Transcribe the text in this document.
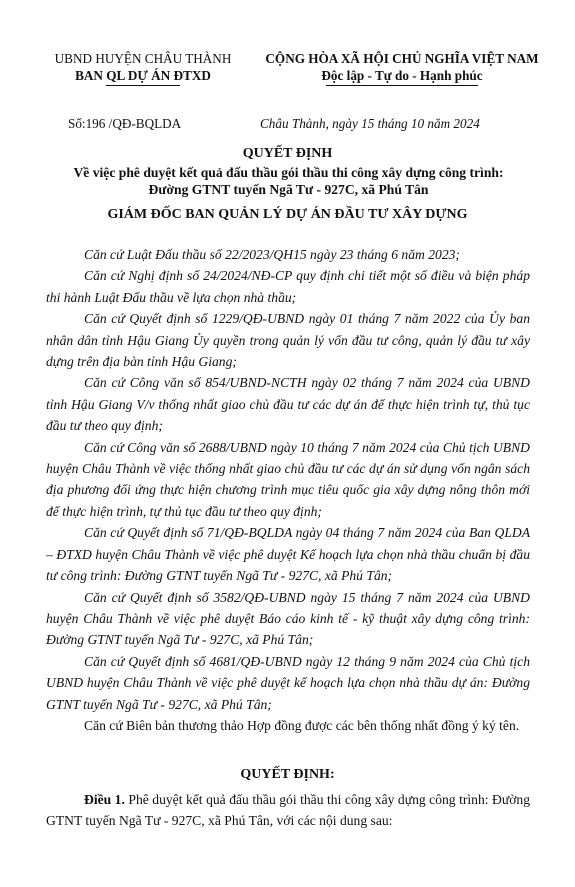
UBND HUYỆN CHÂU THÀNH
BAN QL DỰ ÁN ĐTXD
CỘNG HÒA XÃ HỘI CHỦ NGHĨA VIỆT NAM
Độc lập - Tự do - Hạnh phúc
Số:196 /QĐ-BQLDA	Châu Thành, ngày 15 tháng 10 năm 2024
QUYẾT ĐỊNH
Về việc phê duyệt kết quả đấu thầu gói thầu thi công xây dựng công trình:
Đường GTNT tuyến Ngã Tư - 927C, xã Phú Tân
GIÁM ĐỐC BAN QUẢN LÝ DỰ ÁN ĐẦU TƯ XÂY DỰNG

Căn cứ Luật Đấu thầu số 22/2023/QH15 ngày 23 tháng 6 năm 2023;

Căn cứ Nghị định số 24/2024/NĐ-CP quy định chi tiết một số điều và biện pháp thi hành Luật Đấu thầu về lựa chọn nhà thầu;

Căn cứ Quyết định số 1229/QĐ-UBND ngày 01 tháng 7 năm 2022 của Ủy ban nhân dân tỉnh Hậu Giang Ủy quyền trong quản lý vốn đầu tư công, quản lý đầu tư xây dựng trên địa bàn tỉnh Hậu Giang;

Căn cứ Công văn số 854/UBND-NCTH ngày 02 tháng 7 năm 2024 của UBND tỉnh Hậu Giang V/v thống nhất giao chủ đầu tư các dự án để thực hiện trình tự, thủ tục đầu tư theo quy định;

Căn cứ Công văn số 2688/UBND ngày 10 tháng 7 năm 2024 của Chủ tịch UBND huyện Châu Thành về việc thống nhất giao chủ đầu tư các dự án sử dụng vốn ngân sách địa phương đối ứng thực hiện chương trình mục tiêu quốc gia xây dựng nông thôn mới để thực hiện trình, tự thủ tục đầu tư theo quy định;

Căn cứ Quyết định số 71/QĐ-BQLDA ngày 04 tháng 7 năm 2024 của Ban QLDA – ĐTXD huyện Châu Thành về việc phê duyệt Kế hoạch lựa chọn nhà thầu chuẩn bị đầu tư công trình: Đường GTNT tuyến Ngã Tư - 927C, xã Phú Tân;

Căn cứ Quyết định số 3582/QĐ-UBND ngày 15 tháng 7 năm 2024 của UBND huyện Châu Thành về việc phê duyệt Báo cáo kinh tế - kỹ thuật xây dựng công trình: Đường GTNT tuyến Ngã Tư - 927C, xã Phú Tân;

Căn cứ Quyết định số 4681/QĐ-UBND ngày 12 tháng 9 năm 2024 của Chủ tịch UBND huyện Châu Thành về việc phê duyệt kế hoạch lựa chọn nhà thầu dự án: Đường GTNT tuyến Ngã Tư - 927C, xã Phú Tân;

Căn cứ Biên bản thương thảo Hợp đồng được các bên thống nhất đồng ý ký tên.

QUYẾT ĐỊNH:

Điều 1. Phê duyệt kết quả đấu thầu gói thầu thi công xây dựng công trình: Đường GTNT tuyến Ngã Tư - 927C, xã Phú Tân, với các nội dung sau:
